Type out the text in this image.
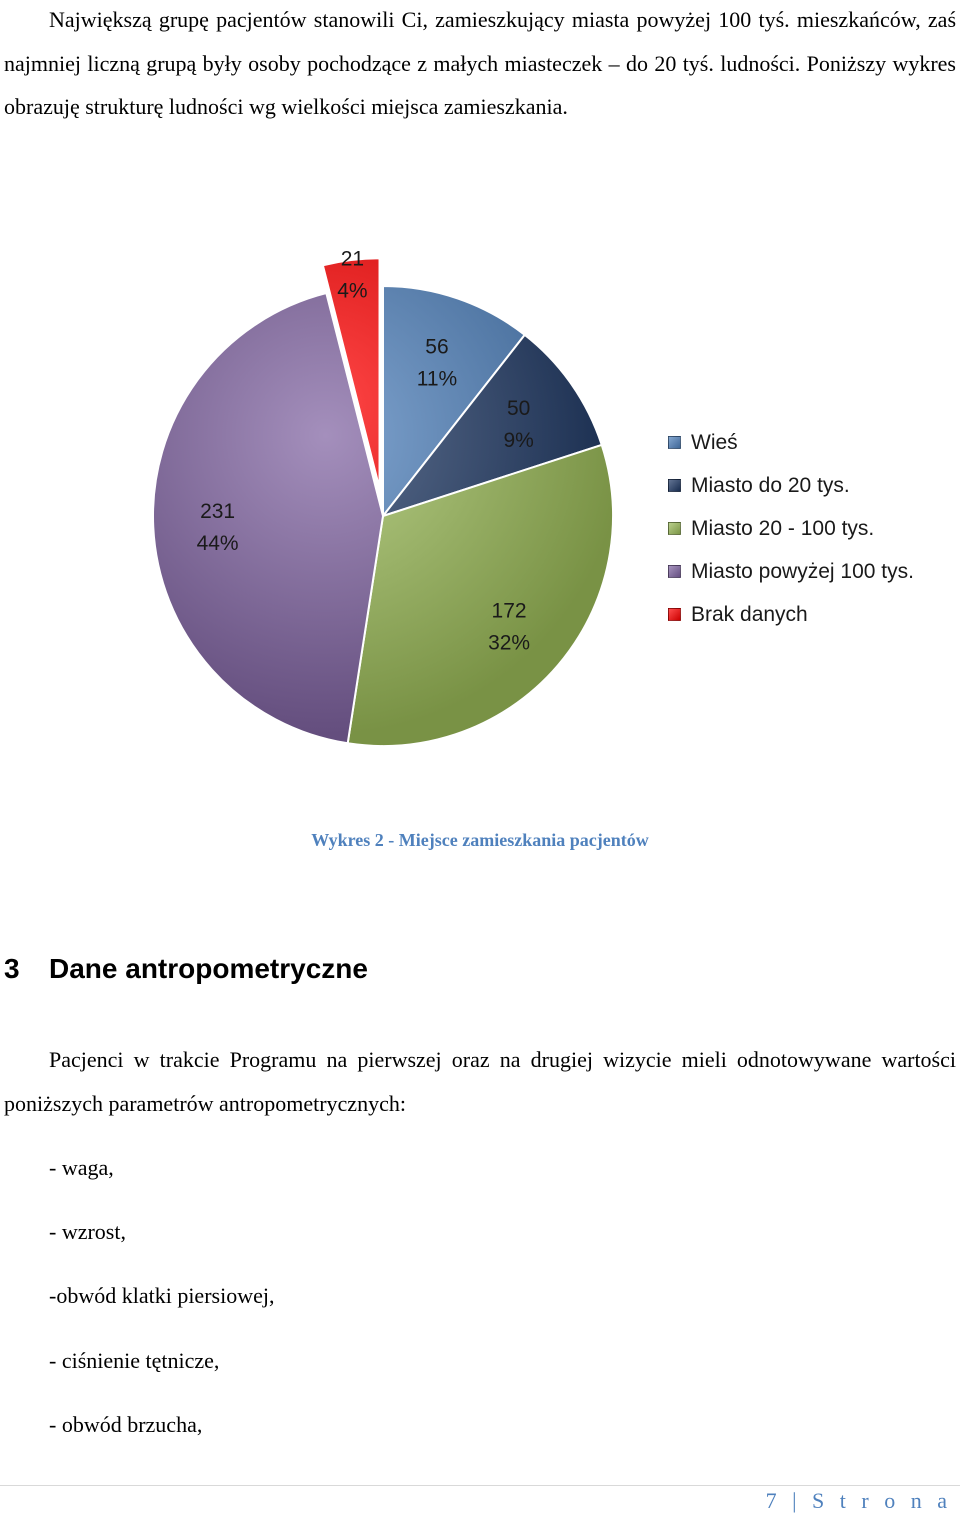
Największą grupę pacjentów stanowili Ci, zamieszkujący miasta powyżej 100 tyś. mieszkańców, zaś najmniej liczną grupą były osoby pochodzące z małych miasteczek – do 20 tyś. ludności. Poniższy wykres obrazuję strukturę ludności wg wielkości miejsca zamieszkania.

56
11%
50
9%
172
32%
231
44%
21
4%
Wieś
Miasto do 20 tys.
Miasto 20 - 100 tys.
Miasto powyżej 100 tys.
Brak danych

Wykres 2 - Miejsce zamieszkania pacjentów

3	Dane antropometryczne

Pacjenci w trakcie Programu na pierwszej oraz na drugiej wizycie mieli odnotowywane wartości poniższych parametrów antropometrycznych:

- waga,

- wzrost,

-obwód klatki piersiowej,

- ciśnienie tętnicze,

- obwód brzucha,

7 | S t r o n a
